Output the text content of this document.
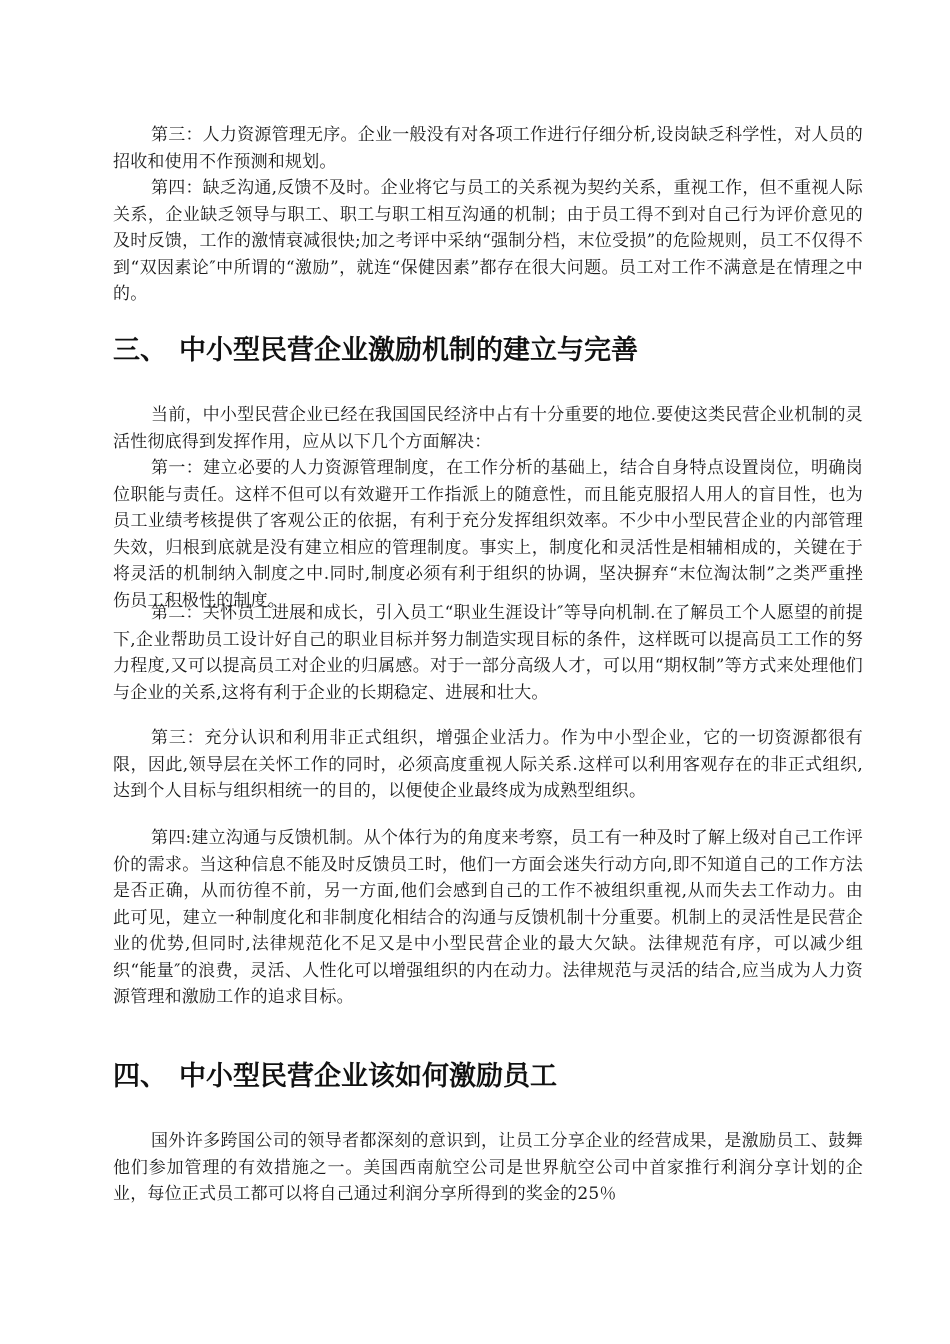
第三：人力资源管理无序。企业一般没有对各项工作进行仔细分析,设岗缺乏科学性，对人员的招收和使用不作预测和规划。

第四：缺乏沟通,反馈不及时。企业将它与员工的关系视为契约关系，重视工作，但不重视人际关系，企业缺乏领导与职工、职工与职工相互沟通的机制；由于员工得不到对自己行为评价意见的及时反馈，工作的激情衰减很快;加之考评中采纳“强制分档，末位受损”的危险规则，员工不仅得不到“双因素论″中所谓的“激励”，就连“保健因素”都存在很大问题。员工对工作不满意是在情理之中的。

三、 中小型民营企业激励机制的建立与完善

当前，中小型民营企业已经在我国国民经济中占有十分重要的地位.要使这类民营企业机制的灵活性彻底得到发挥作用，应从以下几个方面解决：

第一：建立必要的人力资源管理制度，在工作分析的基础上，结合自身特点设置岗位，明确岗位职能与责任。这样不但可以有效避开工作指派上的随意性，而且能克服招人用人的盲目性，也为员工业绩考核提供了客观公正的依据，有利于充分发挥组织效率。不少中小型民营企业的内部管理失效，归根到底就是没有建立相应的管理制度。事实上，制度化和灵活性是相辅相成的，关键在于将灵活的机制纳入制度之中.同时,制度必须有利于组织的协调，坚决摒弃“末位淘汰制”之类严重挫伤员工积极性的制度。

第二：关怀员工进展和成长，引入员工“职业生涯设计″等导向机制.在了解员工个人愿望的前提下,企业帮助员工设计好自己的职业目标并努力制造实现目标的条件，这样既可以提高员工工作的努力程度,又可以提高员工对企业的归属感。对于一部分高级人才，可以用“期权制”等方式来处理他们与企业的关系,这将有利于企业的长期稳定、进展和壮大。

第三：充分认识和利用非正式组织，增强企业活力。作为中小型企业，它的一切资源都很有限，因此,领导层在关怀工作的同时，必须高度重视人际关系.这样可以利用客观存在的非正式组织,达到个人目标与组织相统一的目的，以便使企业最终成为成熟型组织。

第四:建立沟通与反馈机制。从个体行为的角度来考察，员工有一种及时了解上级对自己工作评价的需求。当这种信息不能及时反馈员工时，他们一方面会迷失行动方向,即不知道自己的工作方法是否正确，从而彷徨不前，另一方面,他们会感到自己的工作不被组织重视,从而失去工作动力。由此可见，建立一种制度化和非制度化相结合的沟通与反馈机制十分重要。机制上的灵活性是民营企业的优势,但同时,法律规范化不足又是中小型民营企业的最大欠缺。法律规范有序，可以减少组织“能量″的浪费，灵活、人性化可以增强组织的内在动力。法律规范与灵活的结合,应当成为人力资源管理和激励工作的追求目标。

四、 中小型民营企业该如何激励员工

国外许多跨国公司的领导者都深刻的意识到，让员工分享企业的经营成果，是激励员工、鼓舞他们参加管理的有效措施之一。美国西南航空公司是世界航空公司中首家推行利润分享计划的企业，每位正式员工都可以将自己通过利润分享所得到的奖金的25％
